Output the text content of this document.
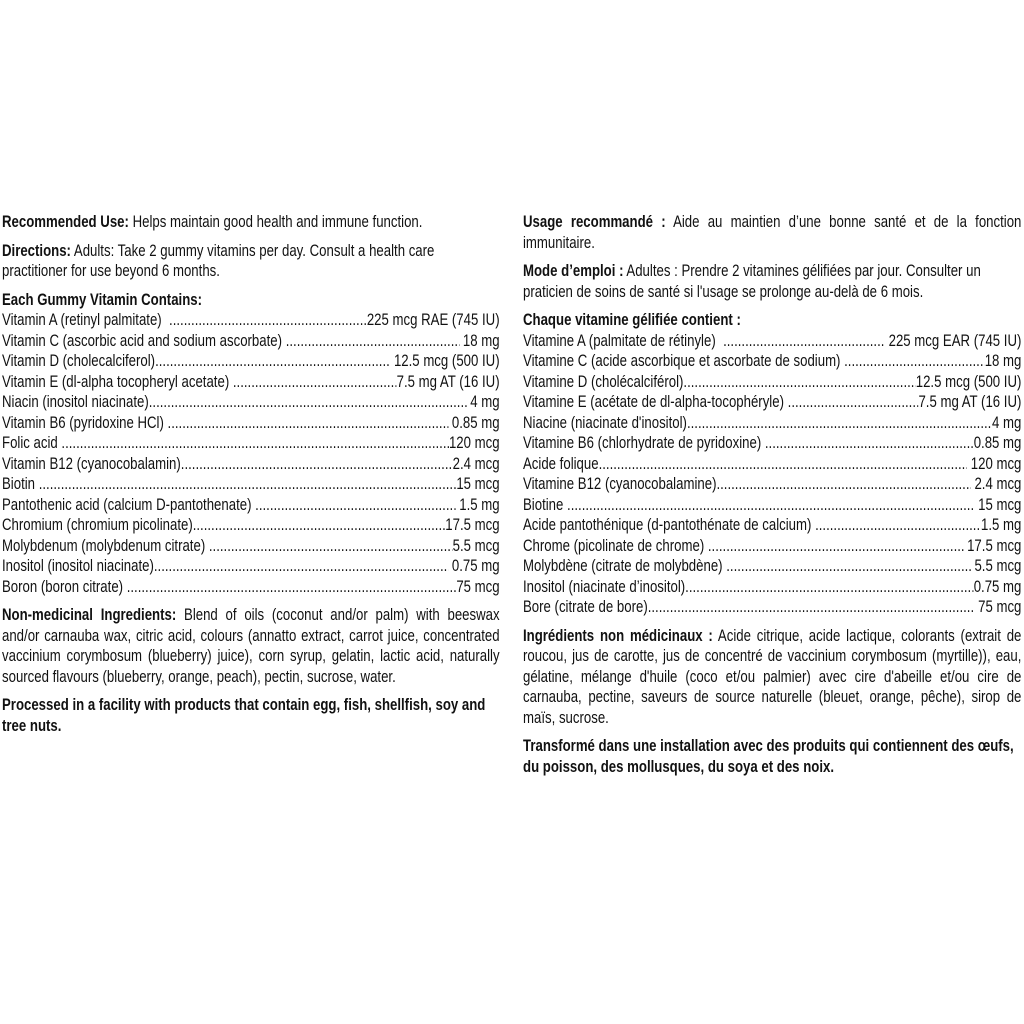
Recommended Use: Helps maintain good health and immune function.

Directions: Adults: Take 2 gummy vitamins per day. Consult a health care practitioner for use beyond 6 months.

Each Gummy Vitamin Contains:
Vitamin A (retinyl palmitate) .....	225 mcg RAE (745 IU)
Vitamin C (ascorbic acid and sodium ascorbate) .....	18 mg
Vitamin D (cholecalciferol) .....	12.5 mcg (500 IU)
Vitamin E (dl-alpha tocopheryl acetate) .....	7.5 mg AT (16 IU)
Niacin (inositol niacinate) .....	4 mg
Vitamin B6 (pyridoxine HCl) .....	0.85 mg
Folic acid .....	120 mcg
Vitamin B12 (cyanocobalamin) .....	2.4 mcg
Biotin .....	15 mcg
Pantothenic acid (calcium D-pantothenate) .....	1.5 mg
Chromium (chromium picolinate) .....	17.5 mcg
Molybdenum (molybdenum citrate) .....	5.5 mcg
Inositol (inositol niacinate) .....	0.75 mg
Boron (boron citrate) .....	75 mcg

Non-medicinal Ingredients: Blend of oils (coconut and/or palm) with beeswax and/or carnauba wax, citric acid, colours (annatto extract, carrot juice, concentrated vaccinium corymbosum (blueberry) juice), corn syrup, gelatin, lactic acid, naturally sourced flavours (blueberry, orange, peach), pectin, sucrose, water.

Processed in a facility with products that contain egg, fish, shellfish, soy and tree nuts.

Usage recommandé : Aide au maintien d’une bonne santé et de la fonction immunitaire.

Mode d’emploi : Adultes : Prendre 2 vitamines gélifiées par jour. Consulter un praticien de soins de santé si l'usage se prolonge au-delà de 6 mois.

Chaque vitamine gélifiée contient :
Vitamine A (palmitate de rétinyle) .....	225 mcg EAR (745 IU)
Vitamine C (acide ascorbique et ascorbate de sodium) .....	18 mg
Vitamine D (cholécalciférol) .....	12.5 mcg (500 IU)
Vitamine E (acétate de dl-alpha-tocophéryle) .....	7.5 mg AT (16 IU)
Niacine (niacinate d'inositol) .....	4 mg
Vitamine B6 (chlorhydrate de pyridoxine) .....	0.85 mg
Acide folique .....	120 mcg
Vitamine B12 (cyanocobalamine) .....	2.4 mcg
Biotine .....	15 mcg
Acide pantothénique (d-pantothénate de calcium) .....	1.5 mg
Chrome (picolinate de chrome) .....	17.5 mcg
Molybdène (citrate de molybdène) .....	5.5 mcg
Inositol (niacinate d’inositol) .....	0.75 mg
Bore (citrate de bore) .....	75 mcg

Ingrédients non médicinaux : Acide citrique, acide lactique, colorants (extrait de roucou, jus de carotte, jus de concentré de vaccinium corymbosum (myrtille)), eau, gélatine, mélange d'huile (coco et/ou palmier) avec cire d'abeille et/ou cire de carnauba, pectine, saveurs de source naturelle (bleuet, orange, pêche), sirop de maïs, sucrose.

Transformé dans une installation avec des produits qui contiennent des œufs, du poisson, des mollusques, du soya et des noix.
